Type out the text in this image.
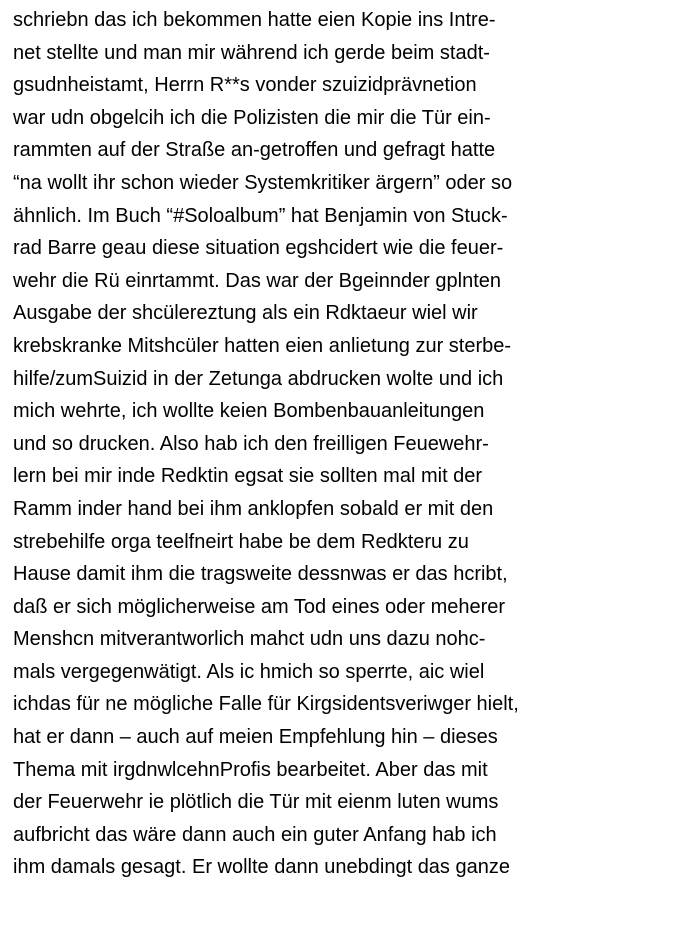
schriebn das ich bekommen hatte eien Kopie ins Intre-
net stellte und man mir während ich gerde beim stadt-
gsudnheistamt, Herrn R**s vonder szuizidprävnetion
war udn obgelcih ich die Polizisten die mir die Tür ein-
rammten auf der Straße an-getroffen und gefragt hatte
“na wollt ihr schon wieder Systemkritiker ärgern” oder so
ähnlich. Im Buch “#Soloalbum” hat Benjamin von Stuck-
rad Barre geau diese situation egshcidert wie die feuer-
wehr die Rü einrtammt. Das war der Bgeinnder gplnten
Ausgabe der shcülereztung als ein Rdktaeur wiel wir
krebskranke Mitshcüler hatten eien anlietung zur sterbe-
hilfe/zumSuizid in der Zetunga abdrucken wolte und ich
mich wehrte, ich wollte keien Bombenbauanleitungen
und so drucken. Also hab ich den freilligen Feuewehr-
lern bei mir inde Redktin egsat sie sollten mal mit der
Ramm inder hand bei ihm anklopfen sobald er mit den
strebehilfe orga teelfneirt habe be dem Redkteru zu
Hause damit ihm die tragsweite dessnwas er das hcribt,
daß er sich möglicherweise am Tod eines oder meherer
Menshcn mitverantworlich mahct udn uns dazu nohc-
mals vergegenwätigt. Als ic hmich so sperrte, aic wiel
ichdas für ne mögliche Falle für Kirgsidentsveriwger hielt,
hat er dann – auch auf meien Empfehlung hin – dieses
Thema mit irgdnwlcehnProfis bearbeitet. Aber das mit
der Feuerwehr ie plötlich die Tür mit eienm luten wums
aufbricht das wäre dann auch ein guter Anfang hab ich
ihm damals gesagt. Er wollte dann unebdingt das ganze
